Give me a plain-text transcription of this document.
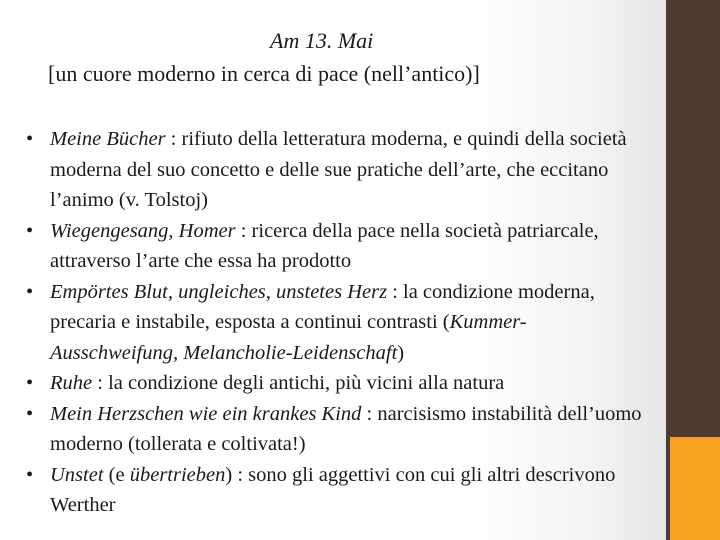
Am 13. Mai
[un cuore moderno in cerca di pace (nell’antico)]
• Meine Bücher : rifiuto della letteratura moderna, e quindi della società moderna del suo concetto e delle sue pratiche dell’arte, che eccitano l’animo (v. Tolstoj)
• Wiegengesang, Homer : ricerca della pace nella società patriarcale, attraverso l’arte che essa ha prodotto
• Empörtes Blut, ungleiches, unstetes Herz : la condizione moderna, precaria e instabile, esposta a continui contrasti (Kummer-Ausschweifung, Melancholie-Leidenschaft)
• Ruhe : la condizione degli antichi, più vicini alla natura
• Mein Herzschen wie ein krankes Kind : narcisismo instabilità dell’uomo moderno (tollerata e coltivata!)
• Unstet (e übertrieben) : sono gli aggettivi con cui gli altri descrivono Werther
